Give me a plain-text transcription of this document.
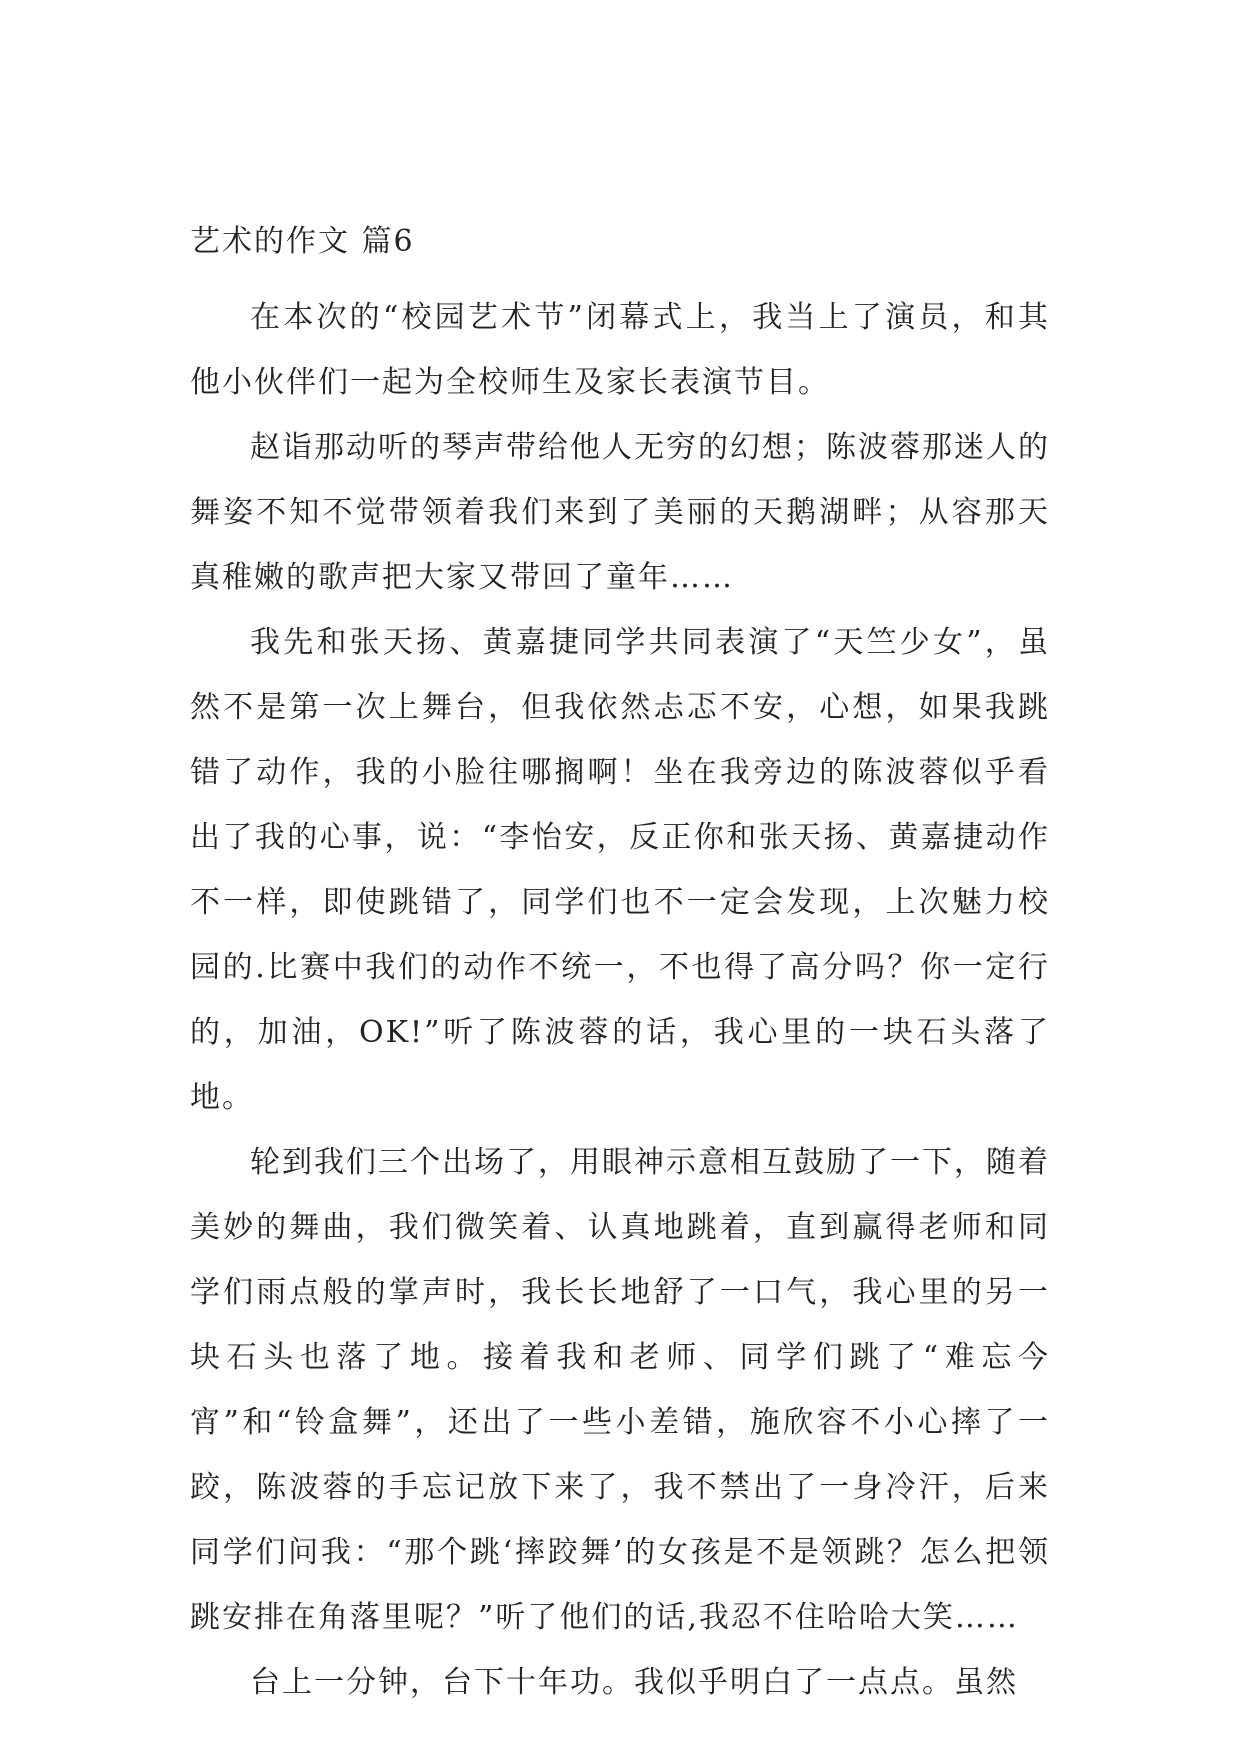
艺术的作文 篇6

在本次的“校园艺术节”闭幕式上，我当上了演员，和其他小伙伴们一起为全校师生及家长表演节目。

赵诣那动听的琴声带给他人无穷的幻想；陈波蓉那迷人的舞姿不知不觉带领着我们来到了美丽的天鹅湖畔；从容那天真稚嫩的歌声把大家又带回了童年……

我先和张天扬、黄嘉捷同学共同表演了“天竺少女”，虽然不是第一次上舞台，但我依然忐忑不安，心想，如果我跳错了动作，我的小脸往哪搁啊！坐在我旁边的陈波蓉似乎看出了我的心事，说：“李怡安，反正你和张天扬、黄嘉捷动作不一样，即使跳错了，同学们也不一定会发现，上次魅力校园的.比赛中我们的动作不统一，不也得了高分吗？你一定行的，加油，OK!”听了陈波蓉的话，我心里的一块石头落了地。

轮到我们三个出场了，用眼神示意相互鼓励了一下，随着美妙的舞曲，我们微笑着、认真地跳着，直到赢得老师和同学们雨点般的掌声时，我长长地舒了一口气，我心里的另一块石头也落了地。接着我和老师、同学们跳了“难忘今宵”和“铃盒舞”，还出了一些小差错，施欣容不小心摔了一跤，陈波蓉的手忘记放下来了，我不禁出了一身冷汗，后来同学们问我：“那个跳‘摔跤舞’的女孩是不是领跳？怎么把领跳安排在角落里呢？”听了他们的话,我忍不住哈哈大笑……

台上一分钟，台下十年功。我似乎明白了一点点。虽然
